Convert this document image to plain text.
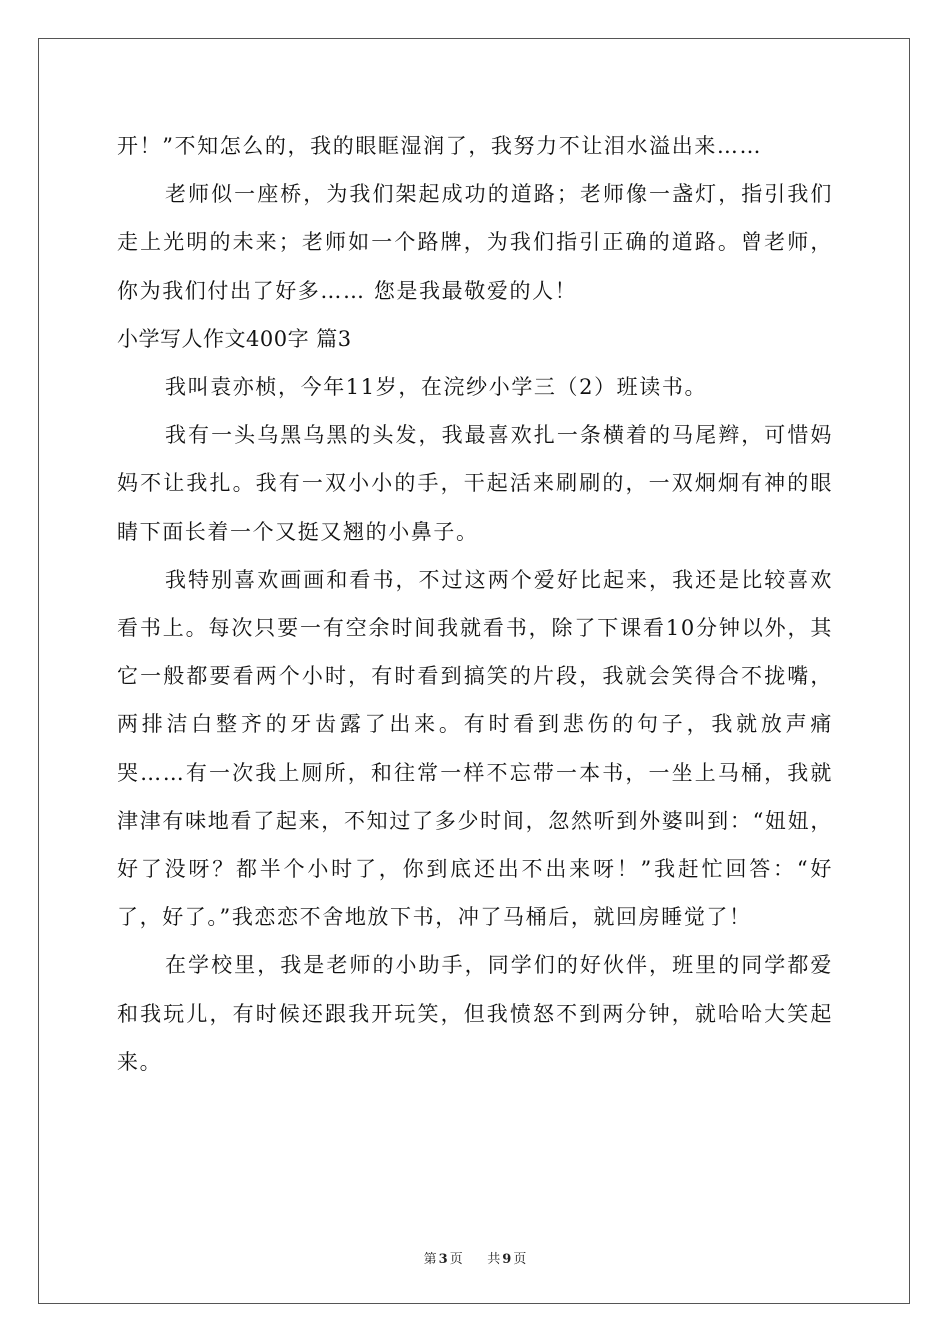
开！”不知怎么的，我的眼眶湿润了，我努力不让泪水溢出来……

老师似一座桥，为我们架起成功的道路；老师像一盏灯，指引我们走上光明的未来；老师如一个路牌，为我们指引正确的道路。曾老师，你为我们付出了好多…… 您是我最敬爱的人！

小学写人作文400字 篇3

我叫袁亦桢，今年11岁，在浣纱小学三（2）班读书。

我有一头乌黑乌黑的头发，我最喜欢扎一条横着的马尾辫，可惜妈妈不让我扎。我有一双小小的手，干起活来刷刷的，一双炯炯有神的眼睛下面长着一个又挺又翘的小鼻子。

我特别喜欢画画和看书，不过这两个爱好比起来，我还是比较喜欢看书上。每次只要一有空余时间我就看书，除了下课看10分钟以外，其它一般都要看两个小时，有时看到搞笑的片段，我就会笑得合不拢嘴，两排洁白整齐的牙齿露了出来。有时看到悲伤的句子，我就放声痛哭……有一次我上厕所，和往常一样不忘带一本书，一坐上马桶，我就津津有味地看了起来，不知过了多少时间，忽然听到外婆叫到：“妞妞，好了没呀？都半个小时了，你到底还出不出来呀！”我赶忙回答：“好了，好了。”我恋恋不舍地放下书，冲了马桶后，就回房睡觉了！

在学校里，我是老师的小助手，同学们的好伙伴，班里的同学都爱和我玩儿，有时候还跟我开玩笑，但我愤怒不到两分钟，就哈哈大笑起来。

第 3 页 共 9 页
